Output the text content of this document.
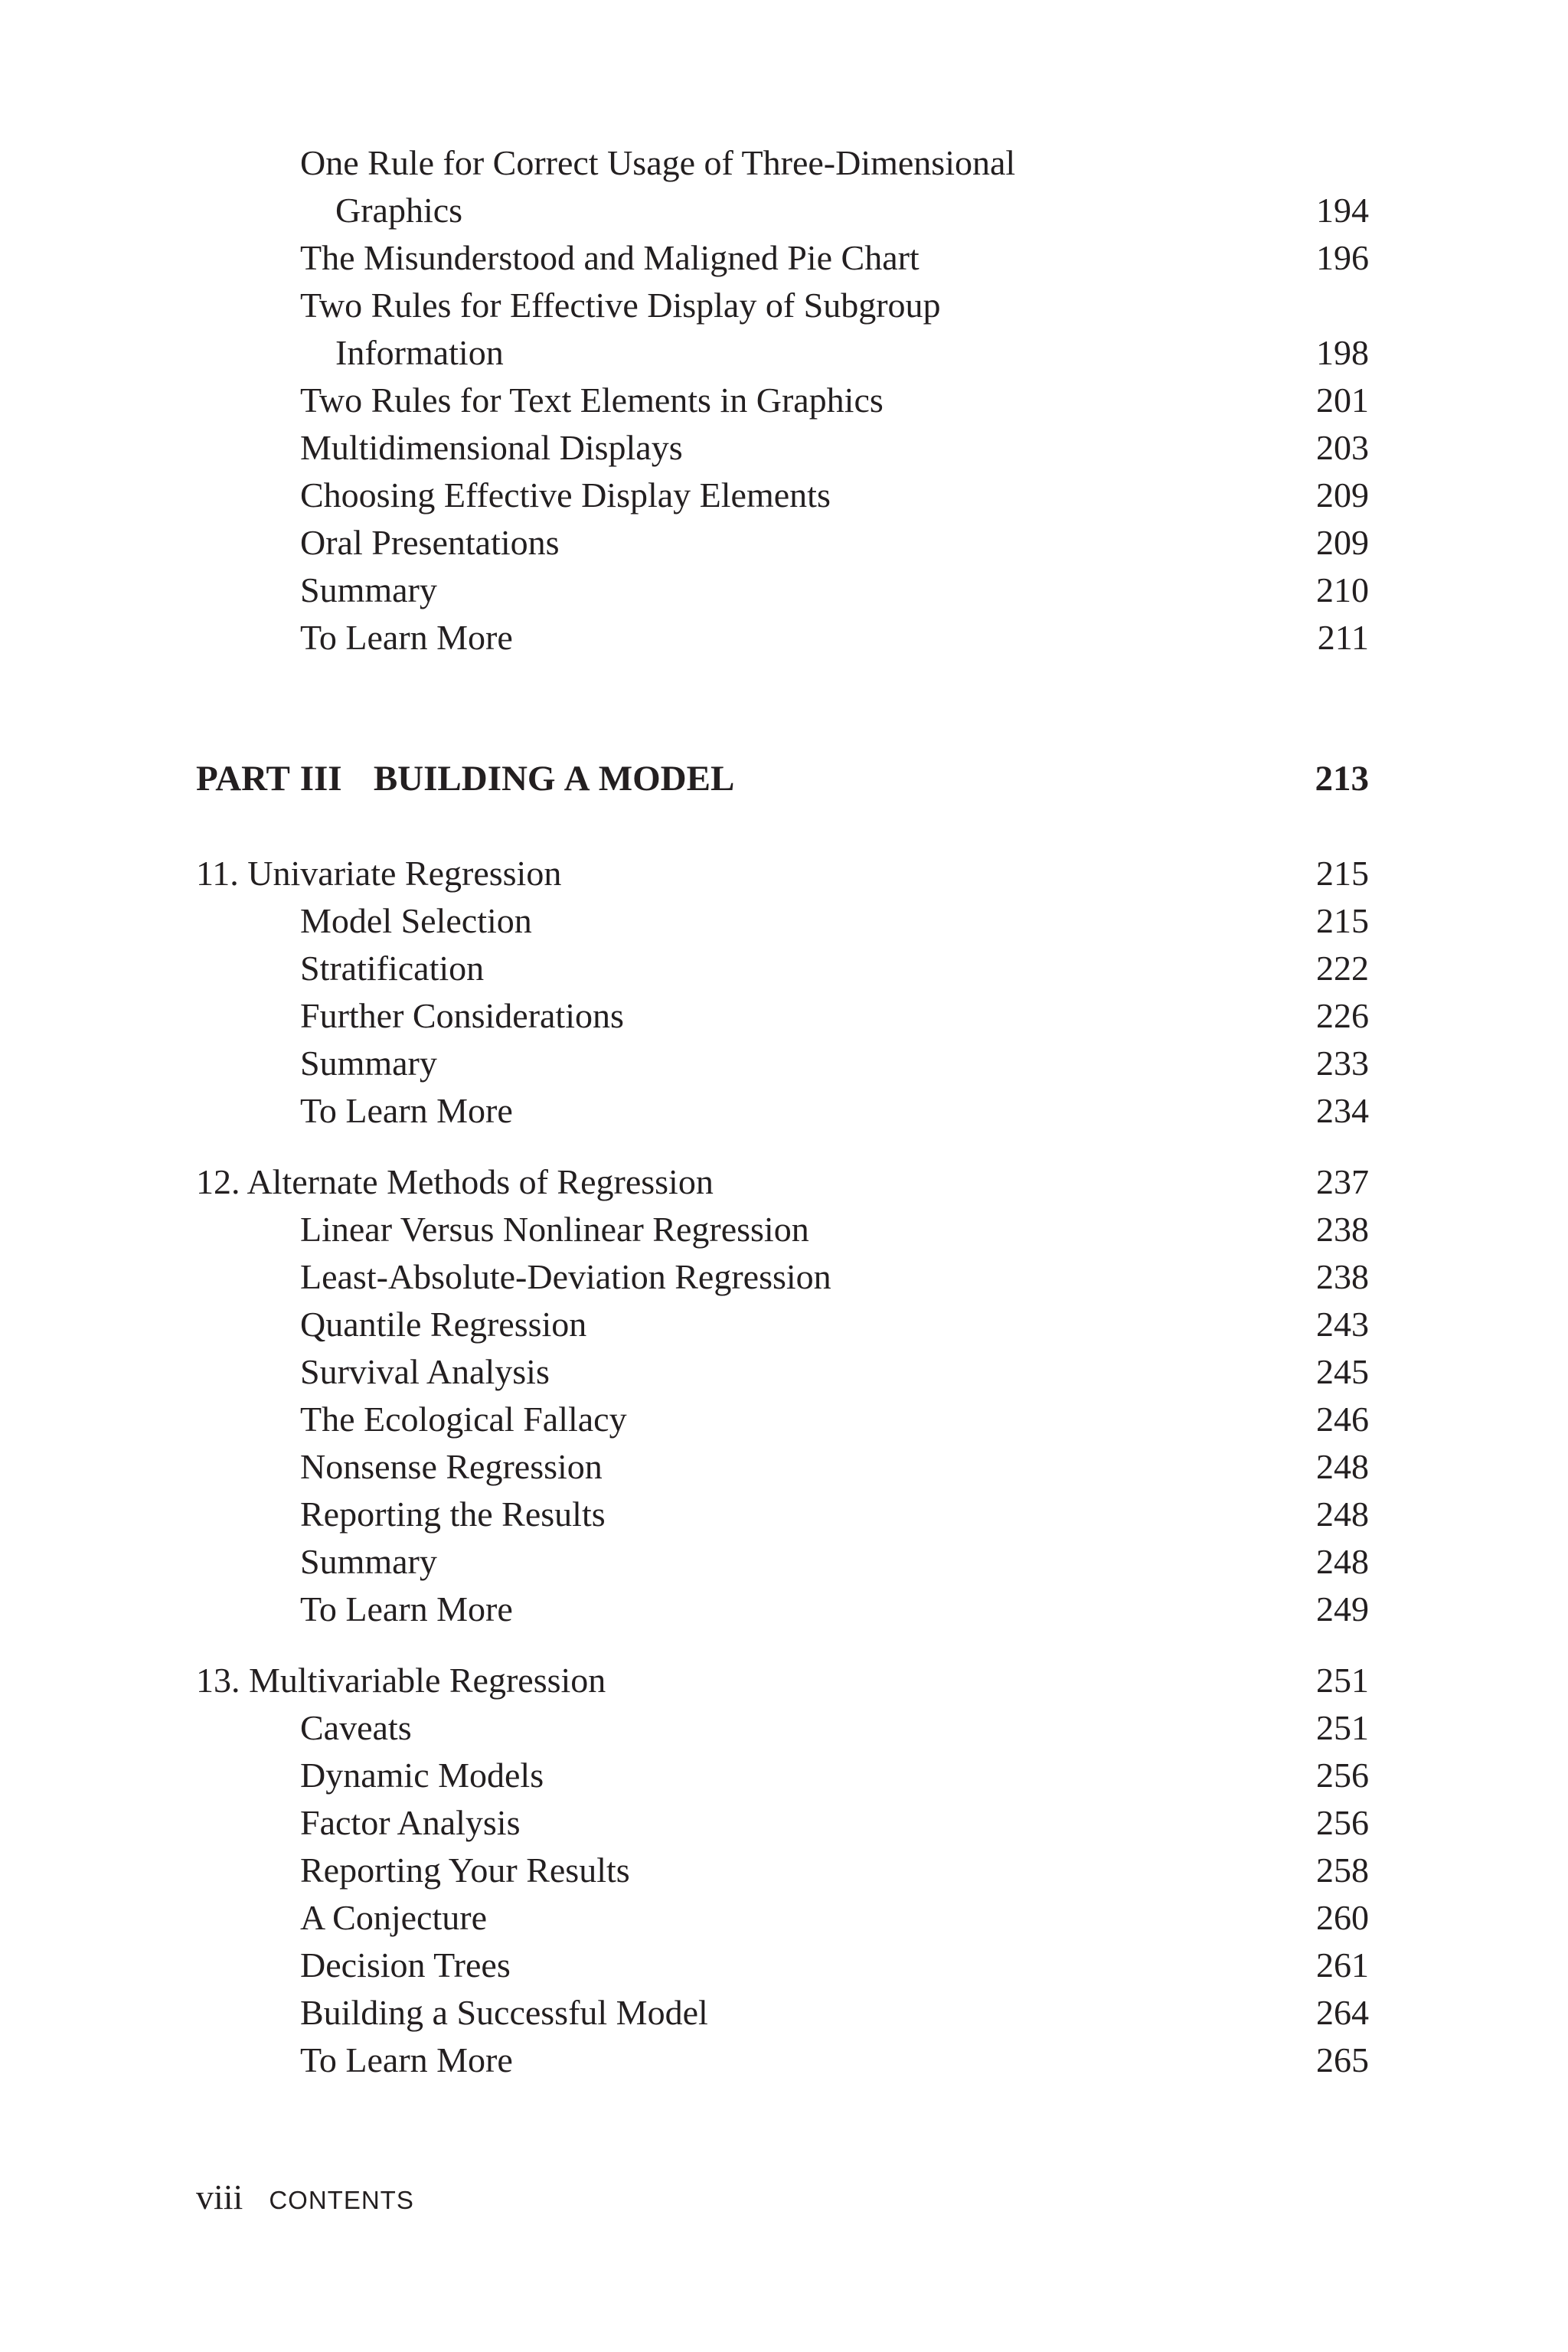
One Rule for Correct Usage of Three-Dimensional
Graphics	194
The Misunderstood and Maligned Pie Chart	196
Two Rules for Effective Display of Subgroup
Information	198
Two Rules for Text Elements in Graphics	201
Multidimensional Displays	203
Choosing Effective Display Elements	209
Oral Presentations	209
Summary	210
To Learn More	211
PART III   BUILDING A MODEL	213
11. Univariate Regression	215
Model Selection	215
Stratification	222
Further Considerations	226
Summary	233
To Learn More	234
12. Alternate Methods of Regression	237
Linear Versus Nonlinear Regression	238
Least-Absolute-Deviation Regression	238
Quantile Regression	243
Survival Analysis	245
The Ecological Fallacy	246
Nonsense Regression	248
Reporting the Results	248
Summary	248
To Learn More	249
13. Multivariable Regression	251
Caveats	251
Dynamic Models	256
Factor Analysis	256
Reporting Your Results	258
A Conjecture	260
Decision Trees	261
Building a Successful Model	264
To Learn More	265
viii CONTENTS
